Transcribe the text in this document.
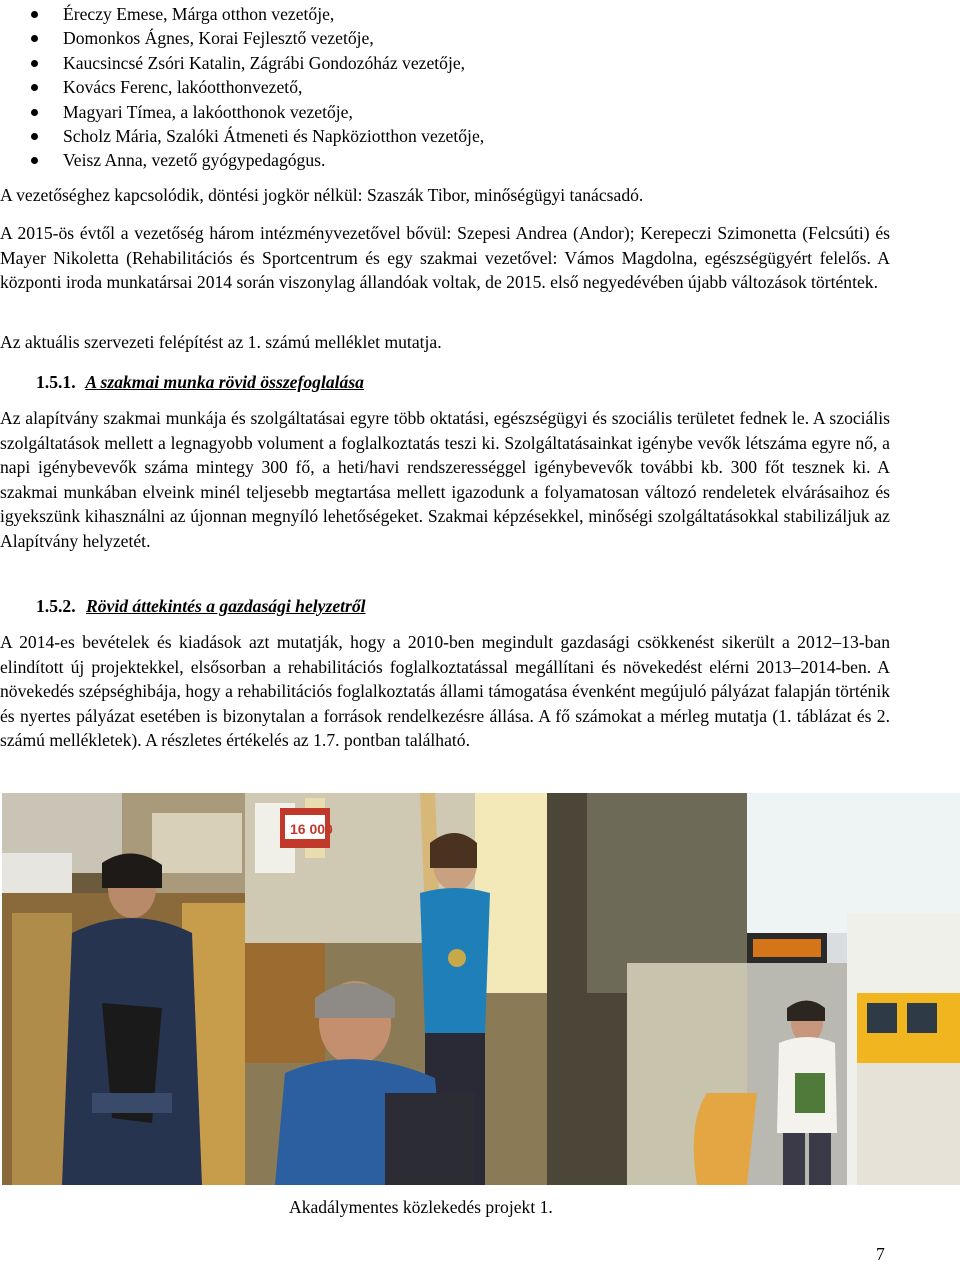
Éreczy Emese, Márga otthon vezetője,
Domonkos Ágnes, Korai Fejlesztő vezetője,
Kaucsincsé Zsóri Katalin, Zágrábi Gondozóház vezetője,
Kovács Ferenc, lakóotthonvezető,
Magyari Tímea, a lakóotthonok vezetője,
Scholz Mária, Szalóki Átmeneti és Napköziotthon vezetője,
Veisz Anna, vezető gyógypedagógus.
A vezetőséghez kapcsolódik, döntési jogkör nélkül: Szaszák Tibor, minőségügyi tanácsadó.
A 2015-ös évtől a vezetőség három intézményvezetővel bővül: Szepesi Andrea (Andor); Kerepeczi Szimonetta (Felcsúti) és Mayer Nikoletta (Rehabilitációs és Sportcentrum és egy szakmai vezetővel: Vámos Magdolna, egészségügyért felelős. A központi iroda munkatársai 2014 során viszonylag állandóak voltak, de 2015. első negyedévében újabb változások történtek.
Az aktuális szervezeti felépítést az 1. számú melléklet mutatja.
1.5.1. A szakmai munka rövid összefoglalása
Az alapítvány szakmai munkája és szolgáltatásai egyre több oktatási, egészségügyi és szociális területet fednek le. A szociális szolgáltatások mellett a legnagyobb volument a foglalkoztatás teszi ki. Szolgáltatásainkat igénybe vevők létszáma egyre nő, a napi igénybevevők száma mintegy 300 fő, a heti/havi rendszerességgel igénybevevők további kb. 300 főt tesznek ki. A szakmai munkában elveink minél teljesebb megtartása mellett igazodunk a folyamatosan változó rendeletek elvárásaihoz és igyekszünk kihasználni az újonnan megnyíló lehetőségeket. Szakmai képzésekkel, minőségi szolgáltatásokkal stabilizáljuk az Alapítvány helyzetét.
1.5.2. Rövid áttekintés a gazdasági helyzetről
A 2014-es bevételek és kiadások azt mutatják, hogy a 2010-ben megindult gazdasági csökkenést sikerült a 2012–13-ban elindított új projektekkel, elsősorban a rehabilitációs foglalkoztatással megállítani és növekedést elérni 2013–2014-ben. A növekedés szépséghibája, hogy a rehabilitációs foglalkoztatás állami támogatása évenként megújuló pályázat falapján történik és nyertes pályázat esetében is bizonytalan a források rendelkezésre állása. A fő számokat a mérleg mutatja (1. táblázat és 2. számú mellékletek). A részletes értékelés az 1.7. pontban található.
16 000
Akadálymentes közlekedés projekt 1.
7
